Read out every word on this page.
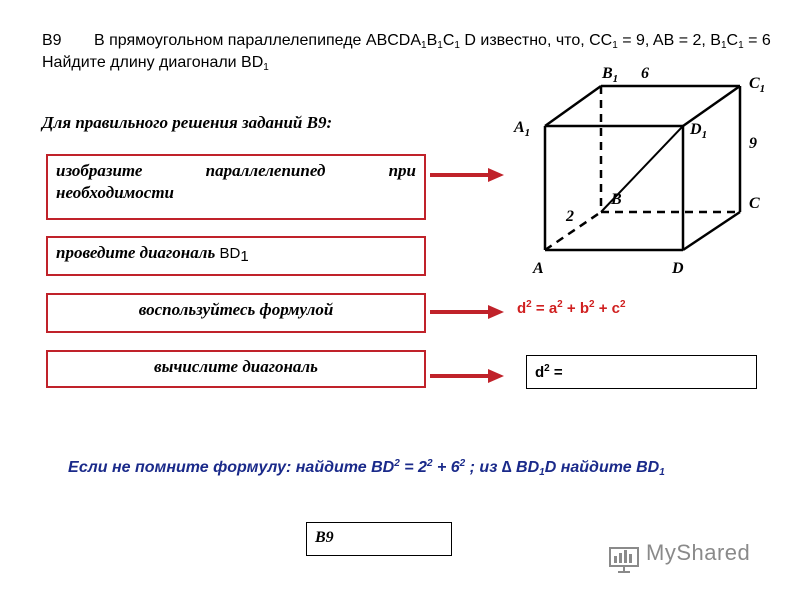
B9 В прямоугольном параллелепипеде $ABCDA_1B_1C_1$ D известно, что, $CC_1 = 9$, AB = 2, $B_1C_1 = 6$ Найдите длину диагонали $BD_1$
Для правильного решения заданий B9:
изобразите параллелепипед при необходимости
проведите диагональ $BD_1$
воспользуйтесь формулой
вычислите диагональ
$d^2 = a^2 + b^2 + c^2$
$d^2$ =
Если не помните формулу: найдите $BD^2 = 2^2 + 6^2$ ; из ∆ $BD_1D$ найдите $BD_1$
B9
$B_1$ 6
$C_1$
$A_1$	$D_1$	9
B	C
2
A	D
MyShared
